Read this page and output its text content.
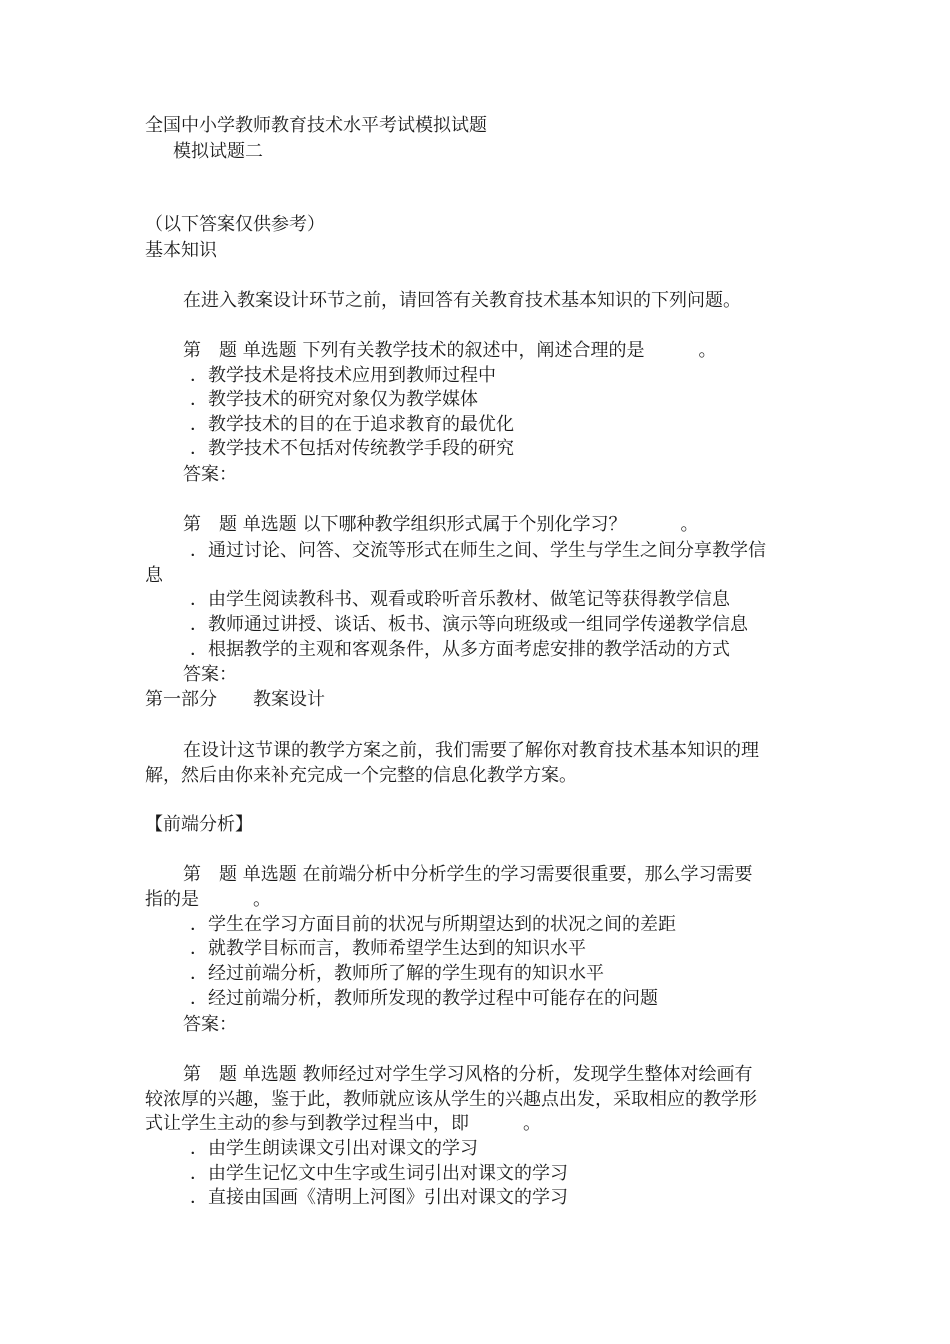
全国中小学教师教育技术水平考试模拟试题

模拟试题二

（以下答案仅供参考）

基本知识

在进入教案设计环节之前，请回答有关教育技术基本知识的下列问题。

第　题 单选题 下列有关教学技术的叙述中，阐述合理的是　　　。

．教学技术是将技术应用到教师过程中

．教学技术的研究对象仅为教学媒体

．教学技术的目的在于追求教育的最优化

．教学技术不包括对传统教学手段的研究

答案：

第　题 单选题 以下哪种教学组织形式属于个别化学习？　　　。

．通过讨论、问答、交流等形式在师生之间、学生与学生之间分享教学信

息

．由学生阅读教科书、观看或聆听音乐教材、做笔记等获得教学信息

．教师通过讲授、谈话、板书、演示等向班级或一组同学传递教学信息

．根据教学的主观和客观条件，从多方面考虑安排的教学活动的方式

答案：

第一部分　　教案设计

在设计这节课的教学方案之前，我们需要了解你对教育技术基本知识的理

解，然后由你来补充完成一个完整的信息化教学方案。

【前端分析】

第　题 单选题 在前端分析中分析学生的学习需要很重要，那么学习需要

指的是　　　。

．学生在学习方面目前的状况与所期望达到的状况之间的差距

．就教学目标而言，教师希望学生达到的知识水平

．经过前端分析，教师所了解的学生现有的知识水平

．经过前端分析，教师所发现的教学过程中可能存在的问题

答案：

第　题 单选题 教师经过对学生学习风格的分析，发现学生整体对绘画有

较浓厚的兴趣，鉴于此，教师就应该从学生的兴趣点出发，采取相应的教学形

式让学生主动的参与到教学过程当中，即　　　。

．由学生朗读课文引出对课文的学习

．由学生记忆文中生字或生词引出对课文的学习

．直接由国画《清明上河图》引出对课文的学习
